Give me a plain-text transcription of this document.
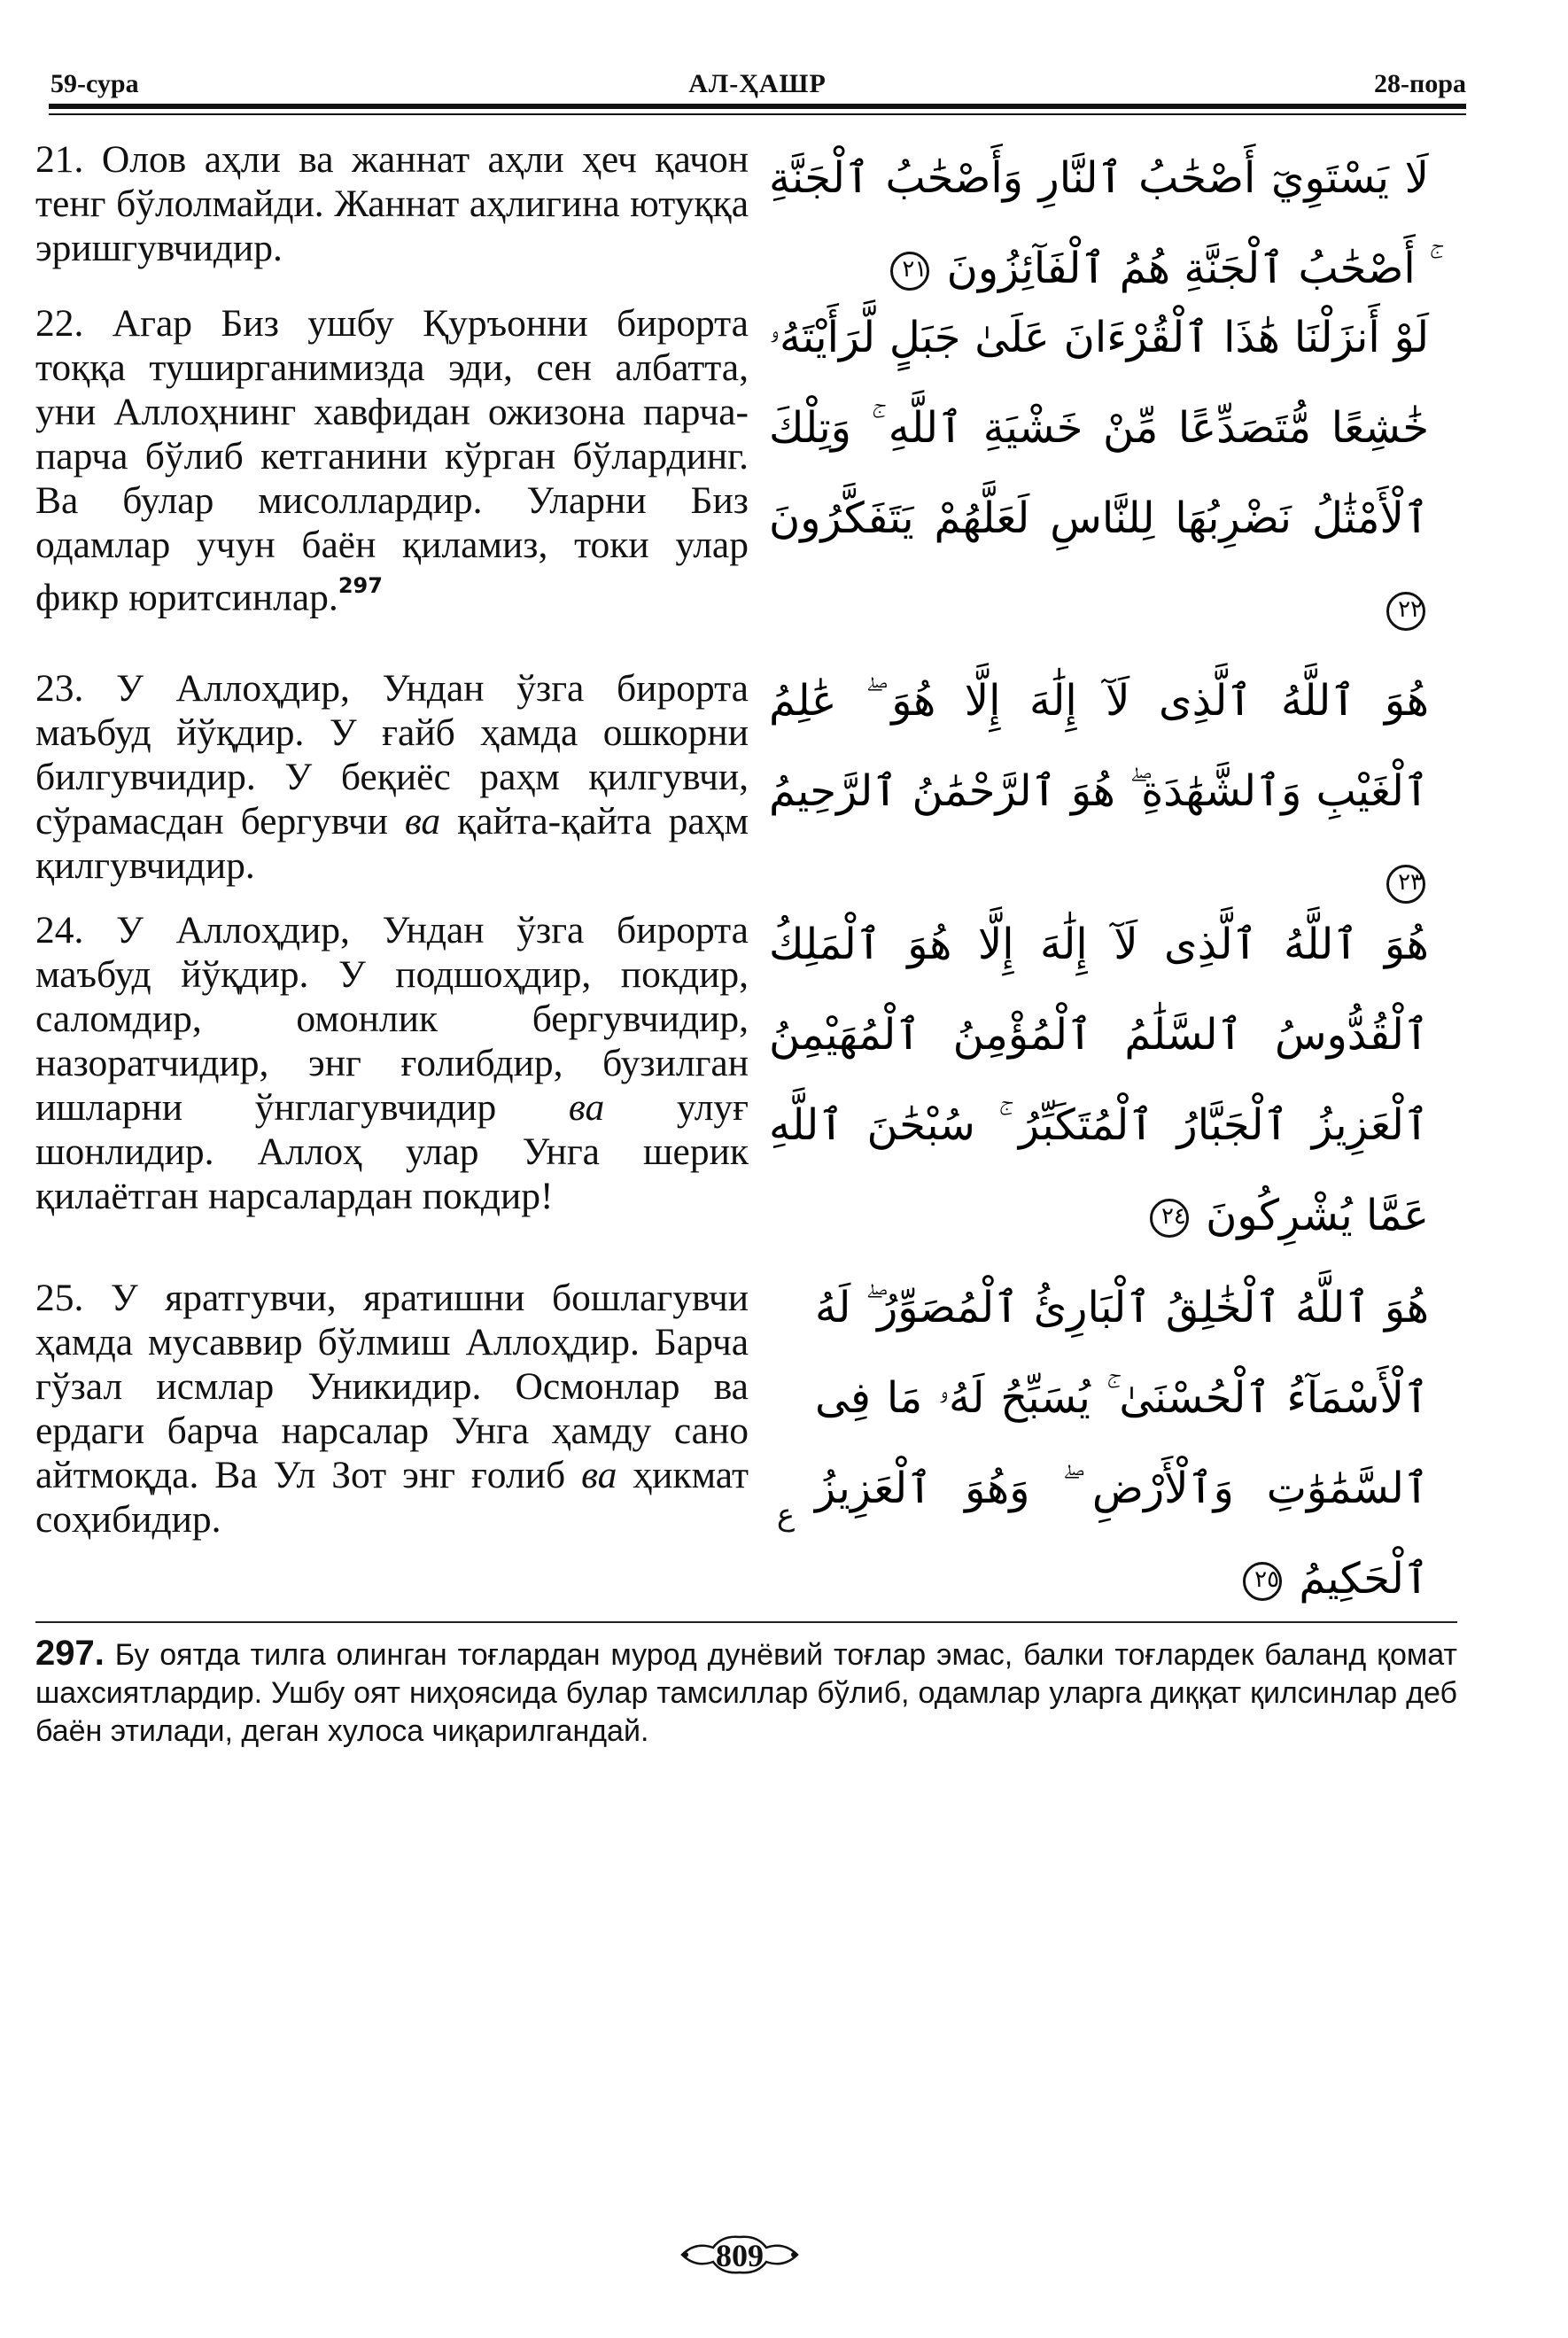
59-сура	АЛ-ҲАШР	28-пора
21. Олов аҳли ва жаннат аҳли ҳеч қачон тенг бўлолмайди. Жаннат аҳлигина ютуққа эришгувчидир.
لَا يَسْتَوِيٓ أَصْحَٰبُ ٱلنَّارِ وَأَصْحَٰبُ ٱلْجَنَّةِ ۚ أَصْحَٰبُ ٱلْجَنَّةِ هُمُ ٱلْفَآئِزُونَ ٢١
22. Агар Биз ушбу Қуръонни бирорта тоққа туширганимизда эди, сен албатта, уни Аллоҳнинг хавфидан ожизона парча-парча бўлиб кетганини кўрган бўлардинг. Ва булар мисоллардир. Уларни Биз одамлар учун баён қиламиз, токи улар фикр юритсинлар.$^{297}$
لَوْ أَنزَلْنَا هَٰذَا ٱلْقُرْءَانَ عَلَىٰ جَبَلٍ لَّرَأَيْتَهُۥ خَٰشِعًا مُّتَصَدِّعًا مِّنْ خَشْيَةِ ٱللَّهِ ۚ وَتِلْكَ ٱلْأَمْثَٰلُ نَضْرِبُهَا لِلنَّاسِ لَعَلَّهُمْ يَتَفَكَّرُونَ ٢٢
23. У Аллоҳдир, Ундан ўзга бирорта маъбуд йўқдир. У ғайб ҳамда ошкорни билгувчидир. У беқиёс раҳм қилгувчи, сўрамасдан бергувчи ва қайта-қайта раҳм қилгувчидир.
هُوَ ٱللَّهُ ٱلَّذِى لَآ إِلَٰهَ إِلَّا هُوَ ۖ عَٰلِمُ ٱلْغَيْبِ وَٱلشَّهَٰدَةِ ۖ هُوَ ٱلرَّحْمَٰنُ ٱلرَّحِيمُ ٢٣
24. У Аллоҳдир, Ундан ўзга бирорта маъбуд йўқдир. У подшоҳдир, покдир, саломдир, омонлик бергувчидир, назоратчидир, энг ғолибдир, бузилган ишларни ўнглагувчидир ва улуғ шонлидир. Аллоҳ улар Унга шерик қилаётган нарсалардан покдир!
هُوَ ٱللَّهُ ٱلَّذِى لَآ إِلَٰهَ إِلَّا هُوَ ٱلْمَلِكُ ٱلْقُدُّوسُ ٱلسَّلَٰمُ ٱلْمُؤْمِنُ ٱلْمُهَيْمِنُ ٱلْعَزِيزُ ٱلْجَبَّارُ ٱلْمُتَكَبِّرُ ۚ سُبْحَٰنَ ٱللَّهِ عَمَّا يُشْرِكُونَ ٢٤
25. У яратгувчи, яратишни бошлагувчи ҳамда мусаввир бўлмиш Аллоҳдир. Барча гўзал исмлар Уникидир. Осмонлар ва ердаги барча нарсалар Унга ҳамду сано айтмоқда. Ва Ул Зот энг ғолиб ва ҳикмат соҳибидир.
هُوَ ٱللَّهُ ٱلْخَٰلِقُ ٱلْبَارِئُ ٱلْمُصَوِّرُ ۖ لَهُ ٱلْأَسْمَآءُ ٱلْحُسْنَىٰ ۚ يُسَبِّحُ لَهُۥ مَا فِى ٱلسَّمَٰوَٰتِ وَٱلْأَرْضِ ۖ وَهُوَ ٱلْعَزِيزُ ٱلْحَكِيمُ ٢٥
ع
297. Бу оятда тилга олинган тоғлардан мурод дунёвий тоғлар эмас, балки тоғлардек баланд қомат шахсиятлардир. Ушбу оят ниҳоясида булар тамсиллар бўлиб, одамлар уларга диққат қилсинлар деб баён этилади, деган хулоса чиқарилгандай.
809
